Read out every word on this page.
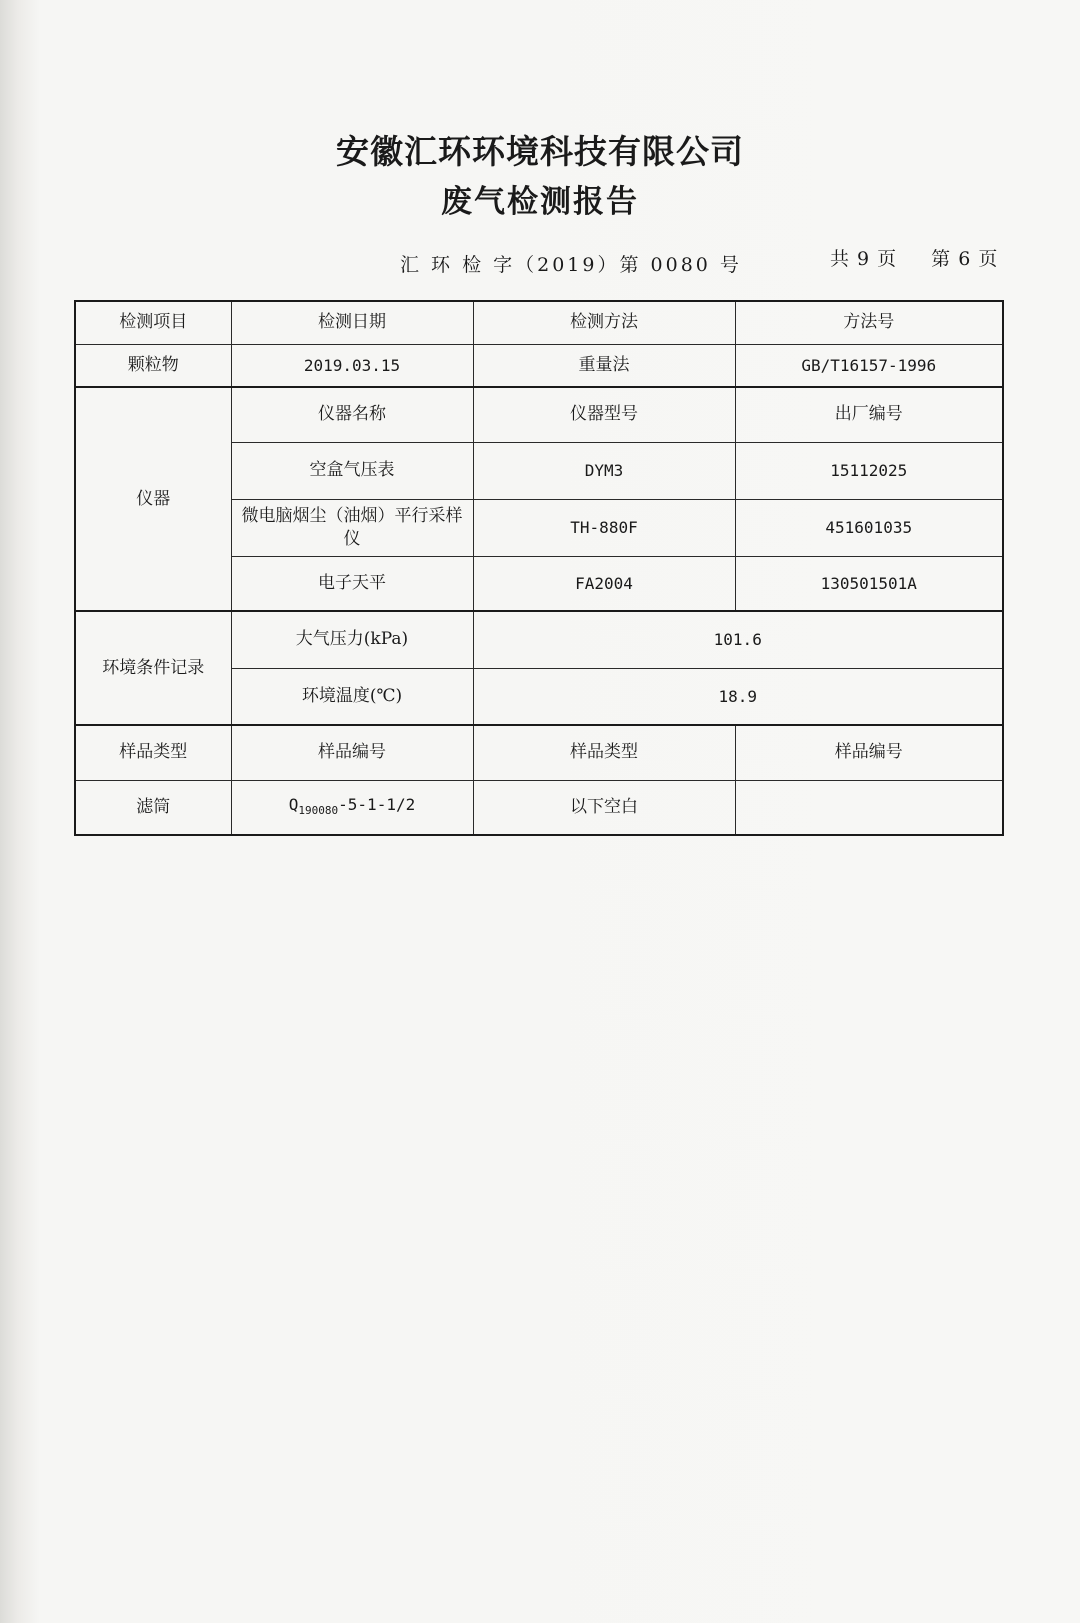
安徽汇环环境科技有限公司
废气检测报告
汇 环 检 字（2019）第 0080 号	共 9 页 第 6 页
检测项目	检测日期	检测方法	方法号
颗粒物	2019.03.15	重量法	GB/T16157-1996
仪器	仪器名称	仪器型号	出厂编号
	空盒气压表	DYM3	15112025
	微电脑烟尘（油烟）平行采样仪	TH-880F	451601035
	电子天平	FA2004	130501501A
环境条件记录	大气压力(kPa)	101.6	
	环境温度(℃)	18.9	
样品类型	样品编号	样品类型	样品编号
滤筒	$Q_{190080}-5-1-1/2$	以下空白	
